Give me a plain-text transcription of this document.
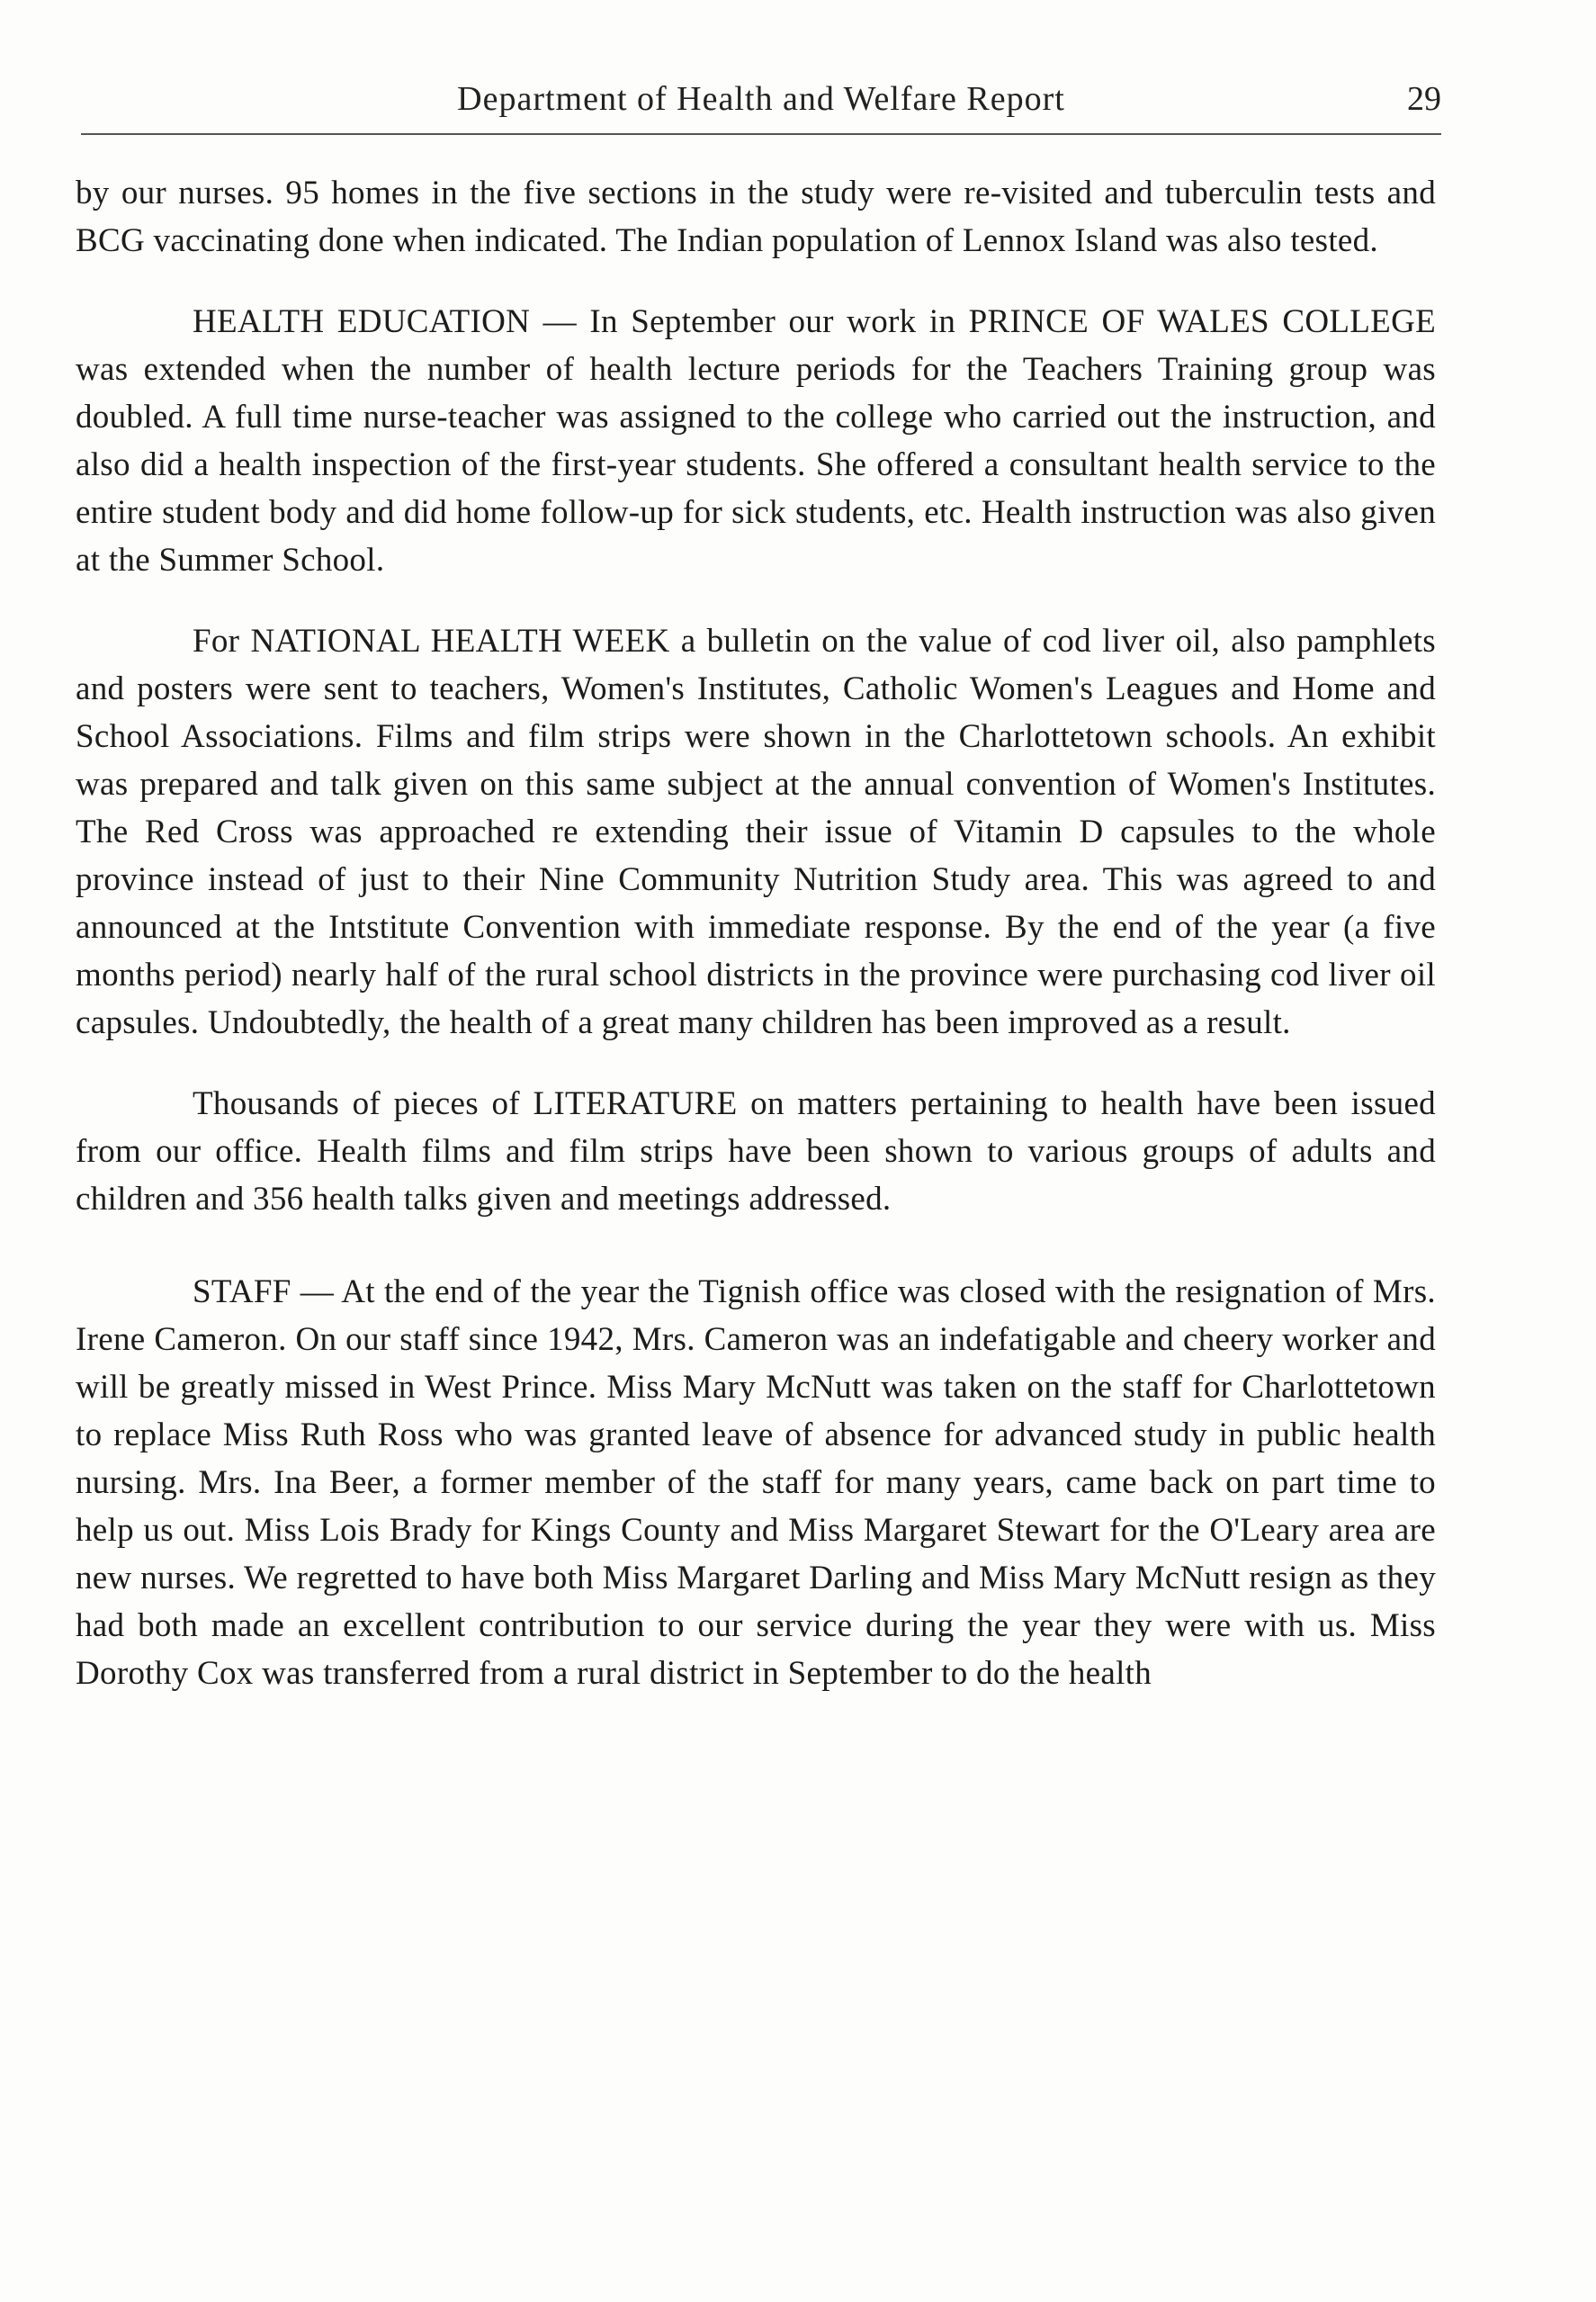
Department of Health and Welfare Report	29

by our nurses. 95 homes in the five sections in the study were re-visited and tuberculin tests and BCG vaccinating done when indicated. The Indian population of Lennox Island was also tested.

HEALTH EDUCATION — In September our work in PRINCE OF WALES COLLEGE was extended when the number of health lecture periods for the Teachers Training group was doubled. A full time nurse-teacher was assigned to the college who carried out the instruction, and also did a health inspection of the first-year students. She offered a consultant health service to the entire student body and did home follow-up for sick students, etc. Health instruction was also given at the Summer School.

For NATIONAL HEALTH WEEK a bulletin on the value of cod liver oil, also pamphlets and posters were sent to teachers, Women's Institutes, Catholic Women's Leagues and Home and School Associations. Films and film strips were shown in the Charlottetown schools. An exhibit was prepared and talk given on this same subject at the annual convention of Women's Institutes. The Red Cross was approached re extending their issue of Vitamin D capsules to the whole province instead of just to their Nine Community Nutrition Study area. This was agreed to and announced at the Intstitute Convention with immediate response. By the end of the year (a five months period) nearly half of the rural school districts in the province were purchasing cod liver oil capsules. Undoubtedly, the health of a great many children has been improved as a result.

Thousands of pieces of LITERATURE on matters pertaining to health have been issued from our office. Health films and film strips have been shown to various groups of adults and children and 356 health talks given and meetings addressed.

STAFF — At the end of the year the Tignish office was closed with the resignation of Mrs. Irene Cameron. On our staff since 1942, Mrs. Cameron was an indefatigable and cheery worker and will be greatly missed in West Prince. Miss Mary McNutt was taken on the staff for Charlottetown to replace Miss Ruth Ross who was granted leave of absence for advanced study in public health nursing. Mrs. Ina Beer, a former member of the staff for many years, came back on part time to help us out. Miss Lois Brady for Kings County and Miss Margaret Stewart for the O'Leary area are new nurses. We regretted to have both Miss Margaret Darling and Miss Mary McNutt resign as they had both made an excellent contribution to our service during the year they were with us. Miss Dorothy Cox was transferred from a rural district in September to do the health
